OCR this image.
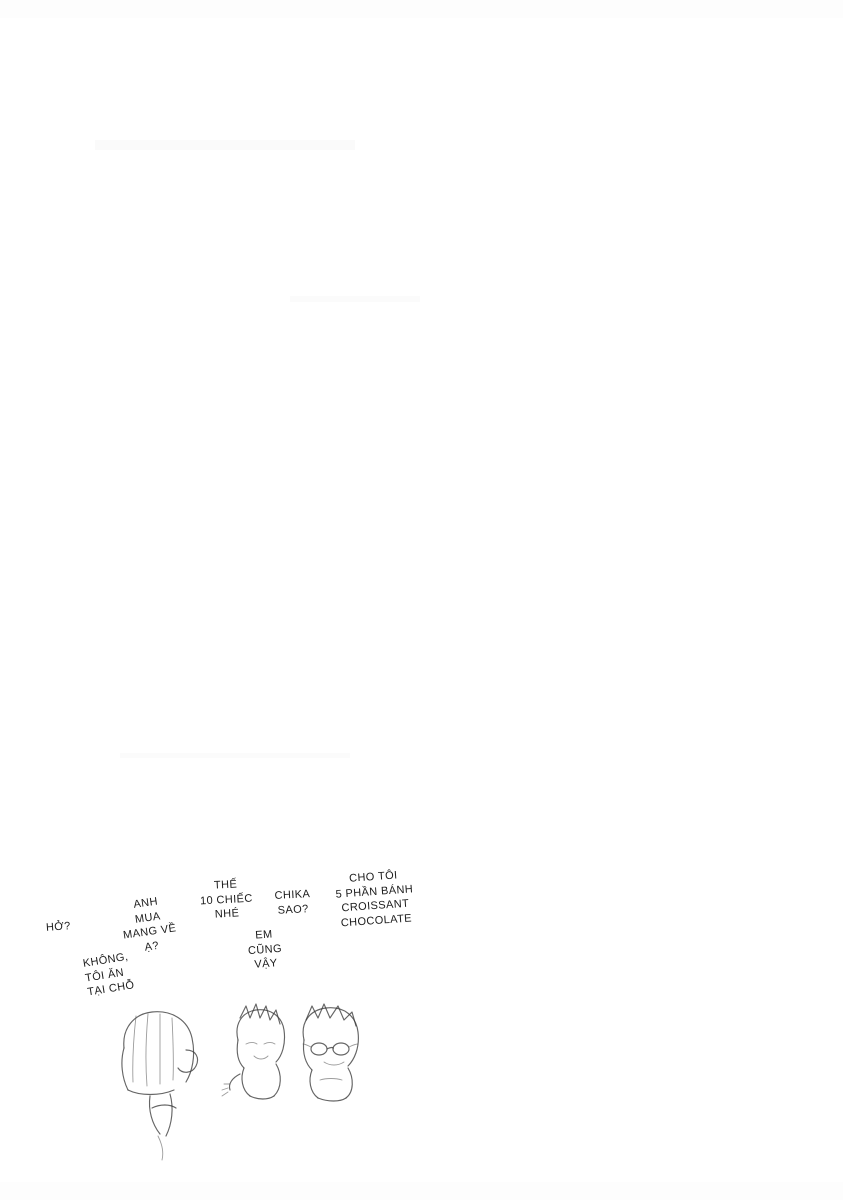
HỞ?
KHÔNG,
TÔI ĂN
TẠI CHỖ
ANH
MUA
MANG VỀ
Ạ?
THẾ
10 CHIẾC
NHÉ
EM
CŨNG
VẬY
CHIKA
SAO?
CHO TÔI
5 PHẦN BÁNH
CROISSANT
CHOCOLATE
